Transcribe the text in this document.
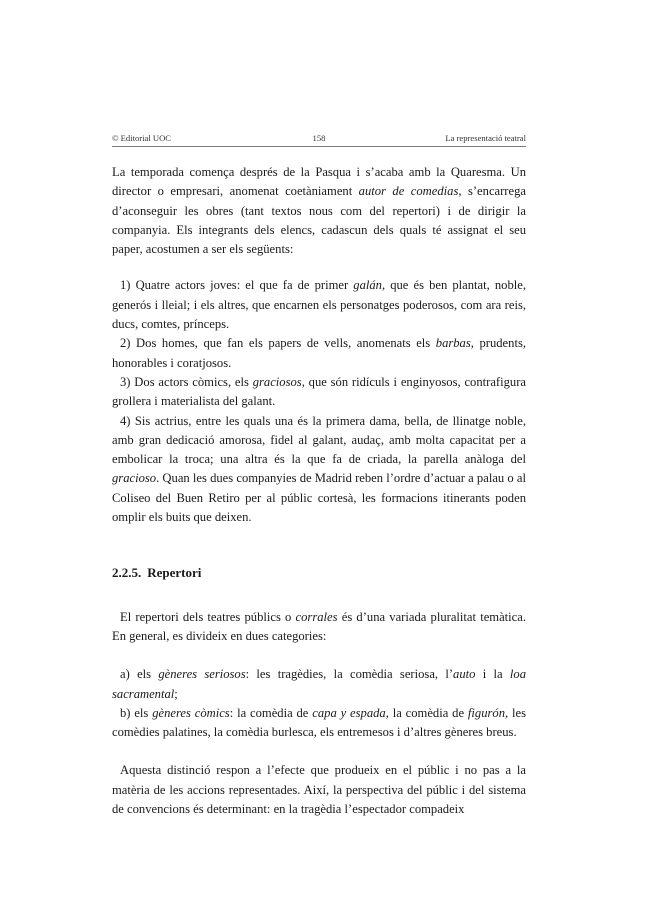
© Editorial UOC	158	La representació teatral

La temporada comença després de la Pasqua i s’acaba amb la Quaresma. Un director o empresari, anomenat coetàniament autor de comedias, s’encarrega d’aconseguir les obres (tant textos nous com del repertori) i de dirigir la companyia. Els integrants dels elencs, cadascun dels quals té assignat el seu paper, acostumen a ser els següents:

1) Quatre actors joves: el que fa de primer galán, que és ben plantat, noble, generós i lleial; i els altres, que encarnen els personatges poderosos, com ara reis, ducs, comtes, prínceps.

2) Dos homes, que fan els papers de vells, anomenats els barbas, prudents, honorables i coratjosos.

3) Dos actors còmics, els graciosos, que són ridículs i enginyosos, contrafigura grollera i materialista del galant.

4) Sis actrius, entre les quals una és la primera dama, bella, de llinatge noble, amb gran dedicació amorosa, fidel al galant, audaç, amb molta capacitat per a embolicar la troca; una altra és la que fa de criada, la parella anàloga del gracioso. Quan les dues companyies de Madrid reben l’ordre d’actuar a palau o al Coliseo del Buen Retiro per al públic cortesà, les formacions itinerants poden omplir els buits que deixen.

2.2.5. Repertori

El repertori dels teatres públics o corrales és d’una variada pluralitat temàtica. En general, es divideix en dues categories:

a) els gèneres seriosos: les tragèdies, la comèdia seriosa, l’auto i la loa sacramental;

b) els gèneres còmics: la comèdia de capa y espada, la comèdia de figurón, les comèdies palatines, la comèdia burlesca, els entremesos i d’altres gèneres breus.

Aquesta distinció respon a l’efecte que produeix en el públic i no pas a la matèria de les accions representades. Així, la perspectiva del públic i del sistema de convencions és determinant: en la tragèdia l’espectador compadeix
